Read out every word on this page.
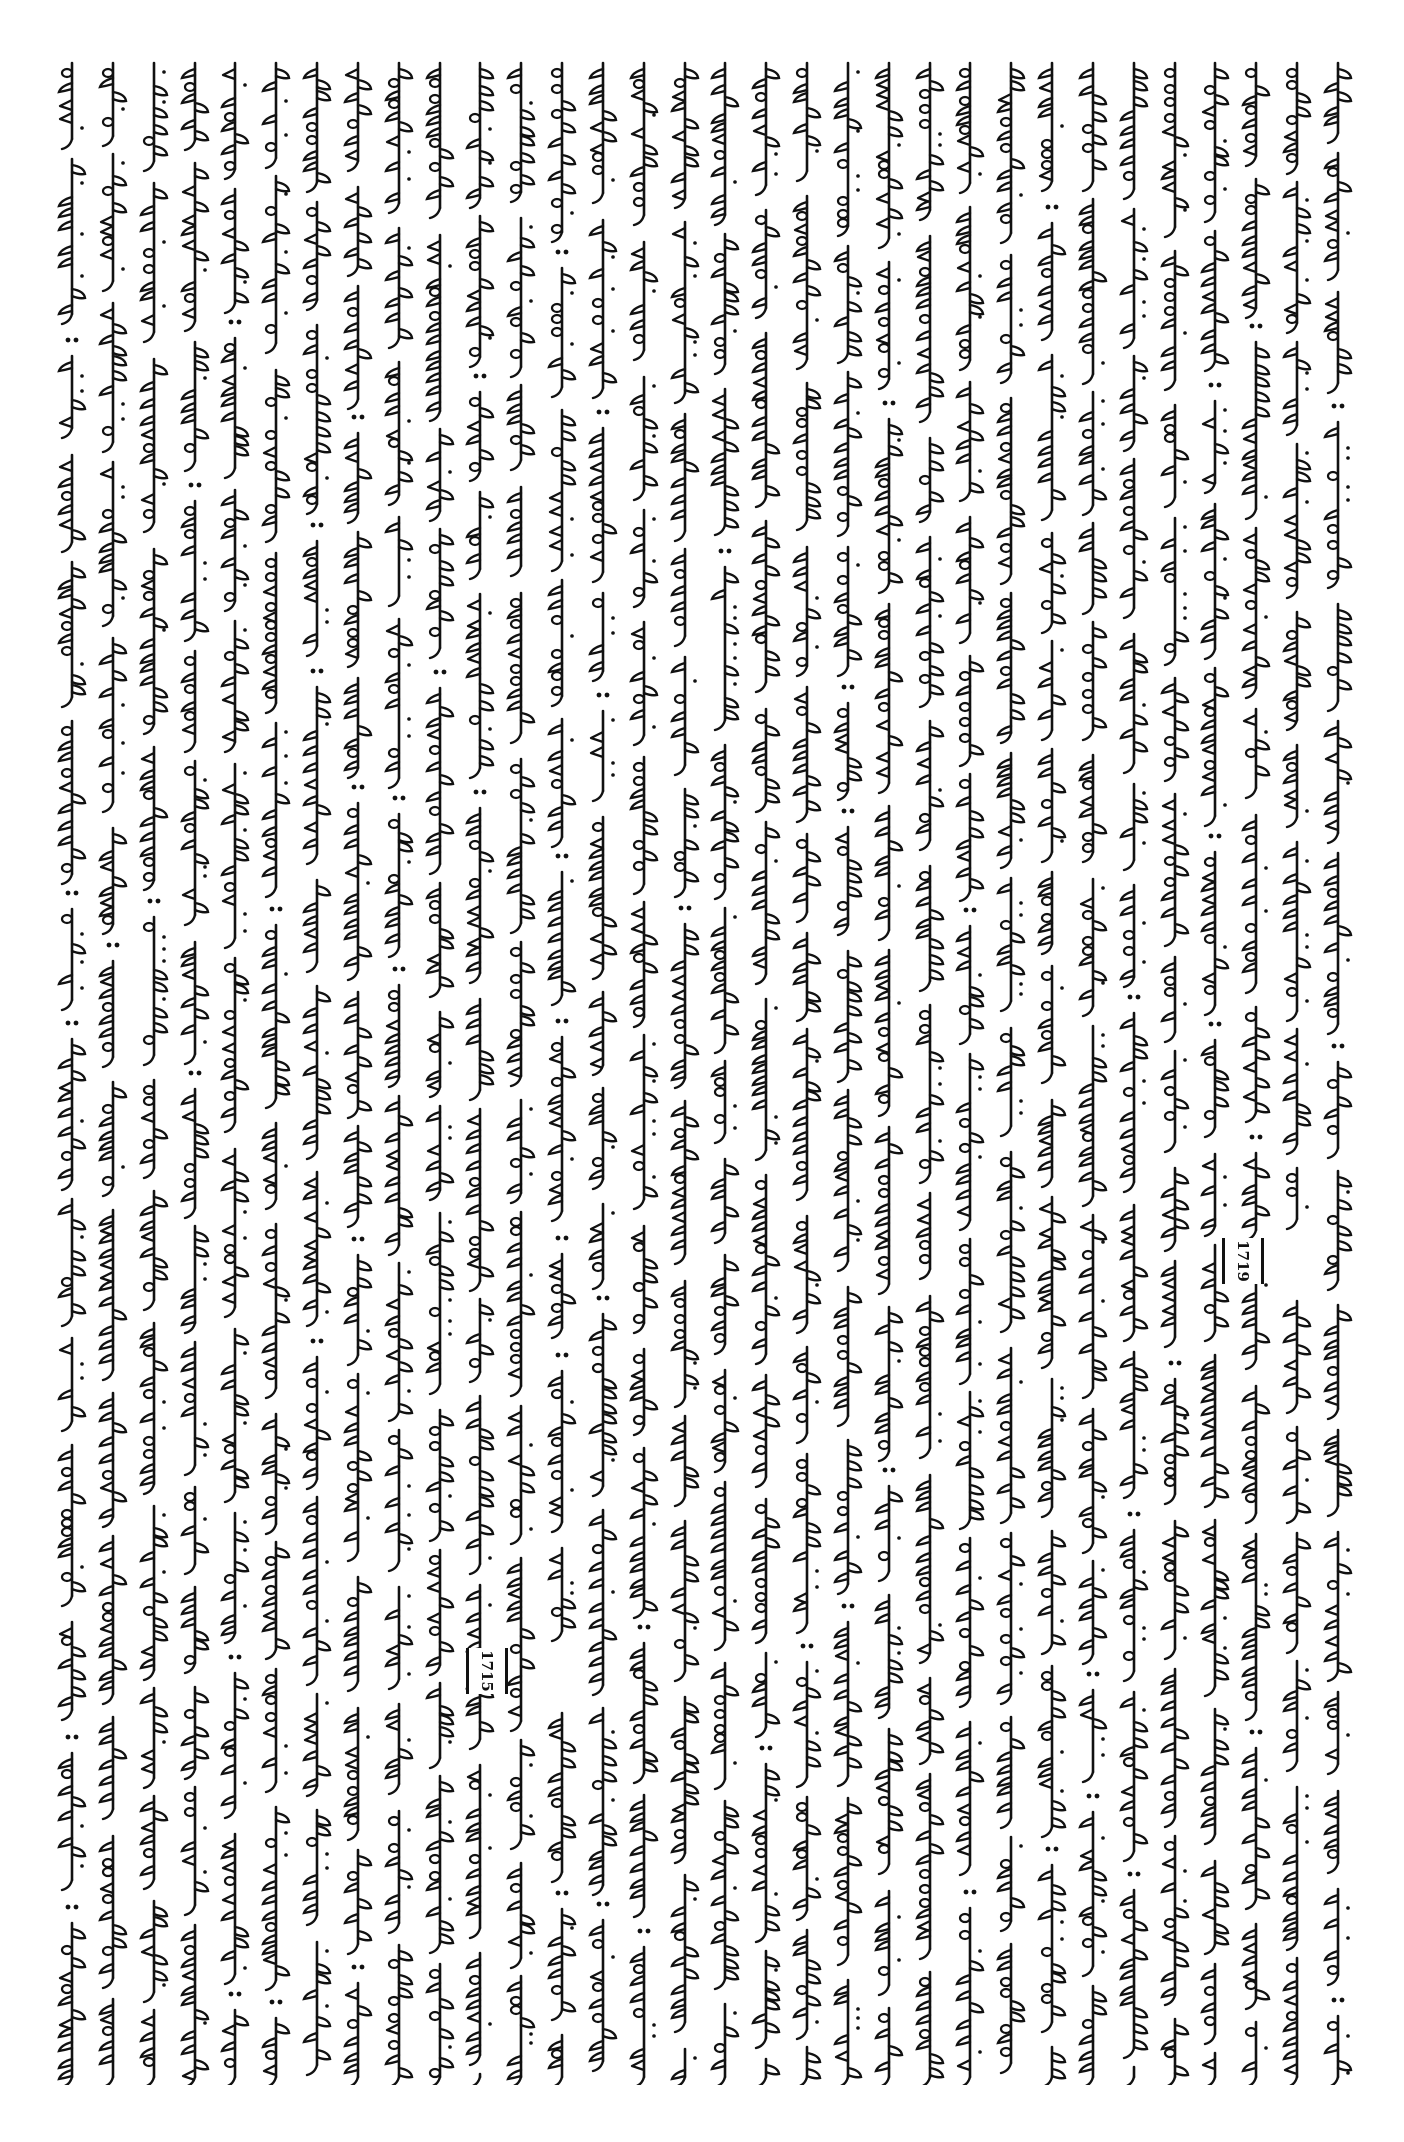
1719
1715
